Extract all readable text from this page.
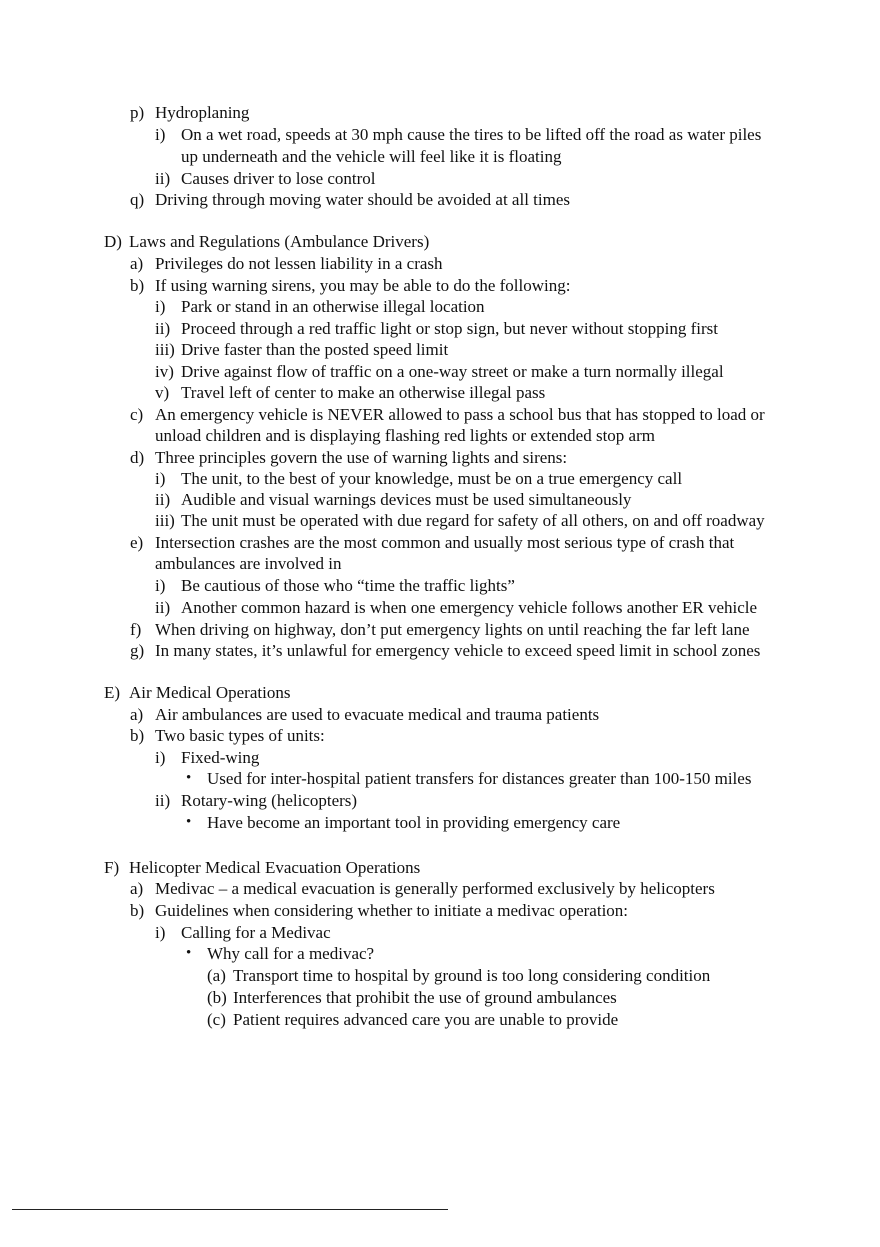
p) Hydroplaning
i) On a wet road, speeds at 30 mph cause the tires to be lifted off the road as water piles
up underneath and the vehicle will feel like it is floating
ii) Causes driver to lose control
q) Driving through moving water should be avoided at all times
D) Laws and Regulations (Ambulance Drivers)
a) Privileges do not lessen liability in a crash
b) If using warning sirens, you may be able to do the following:
i) Park or stand in an otherwise illegal location
ii) Proceed through a red traffic light or stop sign, but never without stopping first
iii) Drive faster than the posted speed limit
iv) Drive against flow of traffic on a one-way street or make a turn normally illegal
v) Travel left of center to make an otherwise illegal pass
c) An emergency vehicle is NEVER allowed to pass a school bus that has stopped to load or
unload children and is displaying flashing red lights or extended stop arm
d) Three principles govern the use of warning lights and sirens:
i) The unit, to the best of your knowledge, must be on a true emergency call
ii) Audible and visual warnings devices must be used simultaneously
iii) The unit must be operated with due regard for safety of all others, on and off roadway
e) Intersection crashes are the most common and usually most serious type of crash that
ambulances are involved in
i) Be cautious of those who “time the traffic lights”
ii) Another common hazard is when one emergency vehicle follows another ER vehicle
f) When driving on highway, don’t put emergency lights on until reaching the far left lane
g) In many states, it’s unlawful for emergency vehicle to exceed speed limit in school zones
E) Air Medical Operations
a) Air ambulances are used to evacuate medical and trauma patients
b) Two basic types of units:
i) Fixed-wing
• Used for inter-hospital patient transfers for distances greater than 100-150 miles
ii) Rotary-wing (helicopters)
• Have become an important tool in providing emergency care
F) Helicopter Medical Evacuation Operations
a) Medivac – a medical evacuation is generally performed exclusively by helicopters
b) Guidelines when considering whether to initiate a medivac operation:
i) Calling for a Medivac
• Why call for a medivac?
(a) Transport time to hospital by ground is too long considering condition
(b) Interferences that prohibit the use of ground ambulances
(c) Patient requires advanced care you are unable to provide
